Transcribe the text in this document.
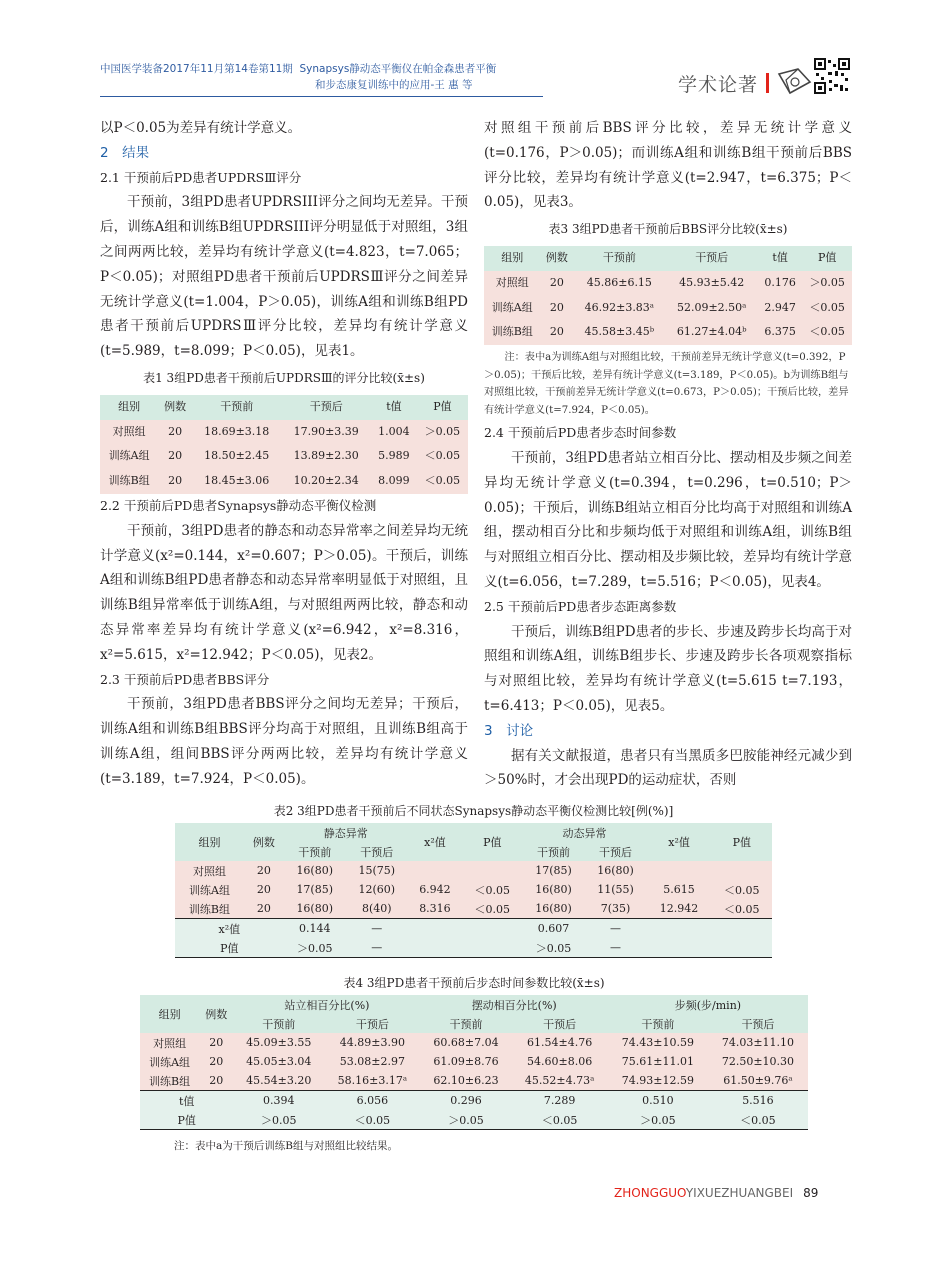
中国医学装备2017年11月第14卷第11期 Synapsys静动态平衡仪在帕金森患者平衡
和步态康复训练中的应用-王 惠 等	学术论著

以P＜0.05为差异有统计学意义。

2　结果

2.1 干预前后PD患者UPDRSⅢ评分

干预前，3组PD患者UPDRSIII评分之间均无差异。干预后，训练A组和训练B组UPDRSIII评分明显低于对照组，3组之间两两比较，差异均有统计学意义(t=4.823，t=7.065；P＜0.05)；对照组PD患者干预前后UPDRSⅢ评分之间差异无统计学意义(t=1.004，P＞0.05)，训练A组和训练B组PD患者干预前后UPDRSⅢ评分比较，差异均有统计学意义(t=5.989，t=8.099；P＜0.05)，见表1。

表1 3组PD患者干预前后UPDRSⅢ的评分比较(x̄±s)
组别	例数	干预前	干预后	t值	P值
对照组	20	18.69±3.18	17.90±3.39	1.004	＞0.05
训练A组	20	18.50±2.45	13.89±2.30	5.989	＜0.05
训练B组	20	18.45±3.06	10.20±2.34	8.099	＜0.05

2.2 干预前后PD患者Synapsys静动态平衡仪检测

干预前，3组PD患者的静态和动态异常率之间差异均无统计学意义(x²=0.144，x²=0.607；P＞0.05)。干预后，训练A组和训练B组PD患者静态和动态异常率明显低于对照组，且训练B组异常率低于训练A组，与对照组两两比较，静态和动态异常率差异均有统计学意义(x²=6.942，x²=8.316，x²=5.615，x²=12.942；P＜0.05)，见表2。

2.3 干预前后PD患者BBS评分

干预前，3组PD患者BBS评分之间均无差异；干预后，训练A组和训练B组BBS评分均高于对照组，且训练B组高于训练A组，组间BBS评分两两比较，差异均有统计学意义(t=3.189，t=7.924，P＜0.05)。

对照组干预前后BBS评分比较，差异无统计学意义(t=0.176，P＞0.05)；而训练A组和训练B组干预前后BBS评分比较，差异均有统计学意义(t=2.947，t=6.375；P＜0.05)，见表3。

表3 3组PD患者干预前后BBS评分比较(x̄±s)
组别	例数	干预前	干预后	t值	P值
对照组	20	45.86±6.15	45.93±5.42	0.176	＞0.05
训练A组	20	46.92±3.83ᵃ	52.09±2.50ᵃ	2.947	＜0.05
训练B组	20	45.58±3.45ᵇ	61.27±4.04ᵇ	6.375	＜0.05

注：表中a为训练A组与对照组比较，干预前差异无统计学意义(t=0.392，P＞0.05)；干预后比较，差异有统计学意义(t=3.189，P＜0.05)。b为训练B组与对照组比较，干预前差异无统计学意义(t=0.673，P＞0.05)；干预后比较，差异有统计学意义(t=7.924，P＜0.05)。

2.4 干预前后PD患者步态时间参数

干预前，3组PD患者站立相百分比、摆动相及步频之间差异均无统计学意义(t=0.394，t=0.296，t=0.510；P＞0.05)；干预后，训练B组站立相百分比均高于对照组和训练A组，摆动相百分比和步频均低于对照组和训练A组，训练B组与对照组立相百分比、摆动相及步频比较，差异均有统计学意义(t=6.056，t=7.289，t=5.516；P＜0.05)，见表4。

2.5 干预前后PD患者步态距离参数

干预后，训练B组PD患者的步长、步速及跨步长均高于对照组和训练A组，训练B组步长、步速及跨步长各项观察指标与对照组比较，差异均有统计学意义(t=5.615 t=7.193，t=6.413；P＜0.05)，见表5。

3　讨论

据有关文献报道，患者只有当黑质多巴胺能神经元减少到＞50%时，才会出现PD的运动症状，否则

表2 3组PD患者干预前后不同状态Synapsys静动态平衡仪检测比较[例(%)]
组别	例数	静态异常		x²值	P值	动态异常		x²值	P值
		干预前	干预后			干预前	干预后		
对照组	20	16(80)	15(75)			17(85)	16(80)		
训练A组	20	17(85)	12(60)	6.942	＜0.05	16(80)	11(55)	5.615	＜0.05
训练B组	20	16(80)	8(40)	8.316	＜0.05	16(80)	7(35)	12.942	＜0.05
x²值		0.144	—			0.607	—		
P值		＞0.05	—			＞0.05	—		
表4 3组PD患者干预前后步态时间参数比较(x̄±s)
组别	例数	站立相百分比(%)		摆动相百分比(%)		步频(步/min)	
		干预前	干预后	干预前	干预后	干预前	干预后
对照组	20	45.09±3.55	44.89±3.90	60.68±7.04	61.54±4.76	74.43±10.59	74.03±11.10
训练A组	20	45.05±3.04	53.08±2.97	61.09±8.76	54.60±8.06	75.61±11.01	72.50±10.30
训练B组	20	45.54±3.20	58.16±3.17ᵃ	62.10±6.23	45.52±4.73ᵃ	74.93±12.59	61.50±9.76ᵃ
t值		0.394	6.056	0.296	7.289	0.510	5.516
P值		＞0.05	＜0.05	＞0.05	＜0.05	＞0.05	＜0.05
注：表中a为干预后训练B组与对照组比较结果。
ZHONGGUOYIXUEZHUANGBEI 89
